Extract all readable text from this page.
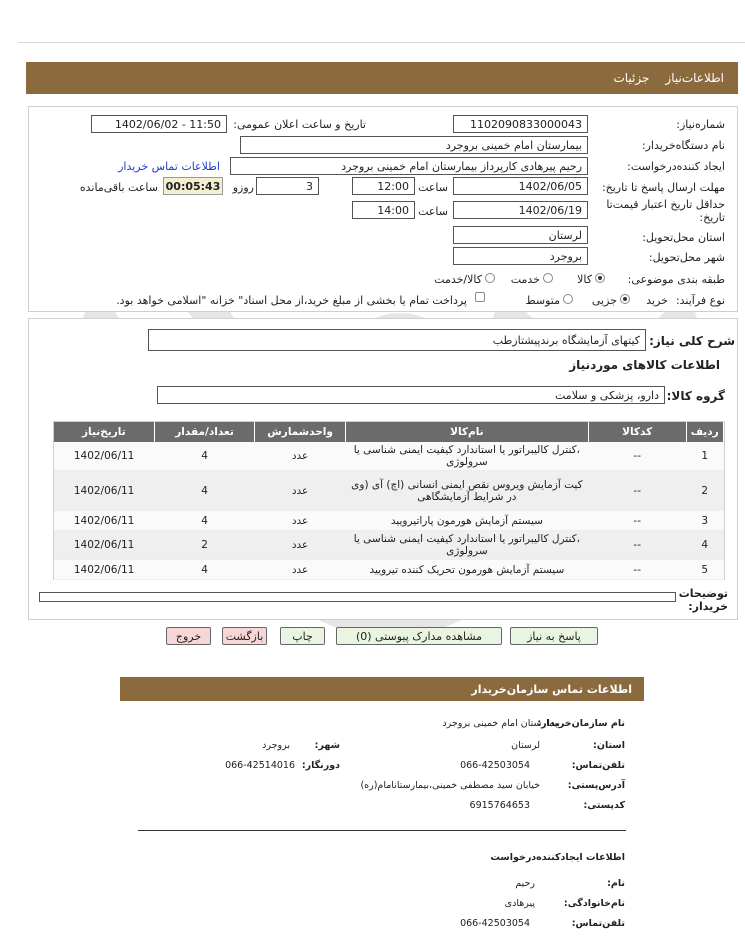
جزئیات اطلاعات‌نیاز
شماره‌نیاز:
1102090833000043
تاریخ و ساعت اعلان عمومی:
1402/06/02 - 11:50
نام دستگاه‌خریدار:
بیمارستان امام خمینی بروجرد
ایجاد کننده‌درخواست:
رحیم پیرهادی کارپرداز بیمارستان امام خمینی بروجرد
اطلاعات تماس خریدار
مهلت ارسال پاسخ تا تاریخ:
1402/06/05
ساعت
12:00
3
روزو
00:05:43
ساعت باقی‌مانده
حداقل تاریخ اعتبار قیمت‌تا
تاریخ:
1402/06/19
ساعت
14:00
استان محل‌تحویل:
لرستان
شهر محل‌تحویل:
بروجرد
طبقه بندی موضوعی:
کالا
خدمت
کالا/خدمت
نوع فرآیند:
خرید
جزیی
متوسط
پرداخت تمام یا بخشی از مبلغ خرید،از محل اسناد" خزانه "اسلامی خواهد بود.
شرح کلی نیاز:
کیتهای آزمایشگاه برندپیشتازطب
اطلاعات کالاهای موردنیاز
گروه کالا:
دارو، پزشکی و سلامت
ردیف	کدکالا	نام‌کالا	واحدشمارش	تعداد/مقدار	تاریخ‌نیاز
1	--	،کنترل کالیبراتور یا استاندارد کیفیت ایمنی شناسی یا سرولوژی	عدد	4	1402/06/11
2	--	کیت آزمایش ویروس نقص ایمنی انسانی (اچ) آی (وی در شرایط آزمایشگاهی	عدد	4	1402/06/11
3	--	سیستم آزمایش هورمون پاراتیرویید	عدد	4	1402/06/11
4	--	،کنترل کالیبراتور یا استاندارد کیفیت ایمنی شناسی یا سرولوژی	عدد	2	1402/06/11
5	--	سیستم آزمایش هورمون تحریک کننده تیرویید	عدد	4	1402/06/11
توضیحات
خریدار:
پاسخ به نیاز
مشاهده مدارک پیوستی (0)
چاپ
بازگشت
خروج
اطلاعات تماس سازمان‌خریدار
نام سازمان‌خریدار:
بیمارستان امام خمینی بروجرد
استان:
لرستان
شهر:
بروجرد
تلفن‌تماس:
066-42503054
دورنگار:
066-42514016
آدرس‌پستی:
خیابان سید مصطفی خمینی،بیمارستانامام(ره)
کدپستی:
6915764653
اطلاعات ایجادکننده‌درخواست
نام:
رحیم
نام‌خانوادگی:
پیرهادی
تلفن‌تماس:
066-42503054
